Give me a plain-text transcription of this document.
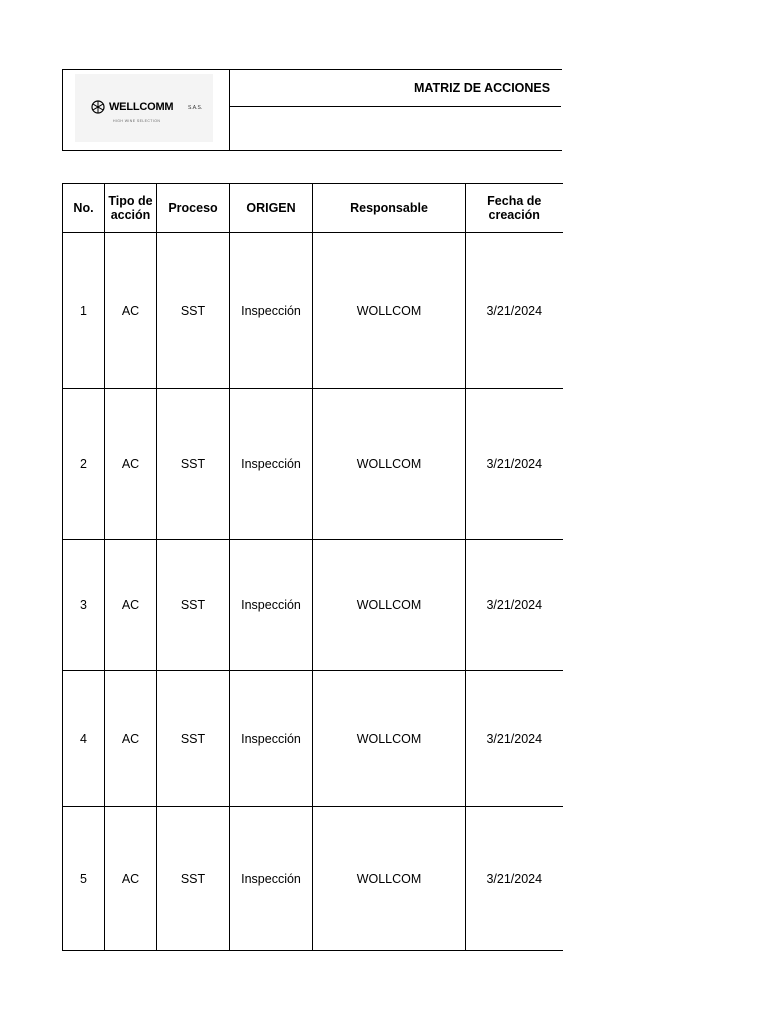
WELLCOMM	S.A.S.
HIGH WINE SELECTION
MATRIZ DE ACCIONES
No.	Tipo de acción	Proceso	ORIGEN	Responsable	Fecha de creación
1	AC	SST	Inspección	WOLLCOM	3/21/2024
2	AC	SST	Inspección	WOLLCOM	3/21/2024
3	AC	SST	Inspección	WOLLCOM	3/21/2024
4	AC	SST	Inspección	WOLLCOM	3/21/2024
5	AC	SST	Inspección	WOLLCOM	3/21/2024
